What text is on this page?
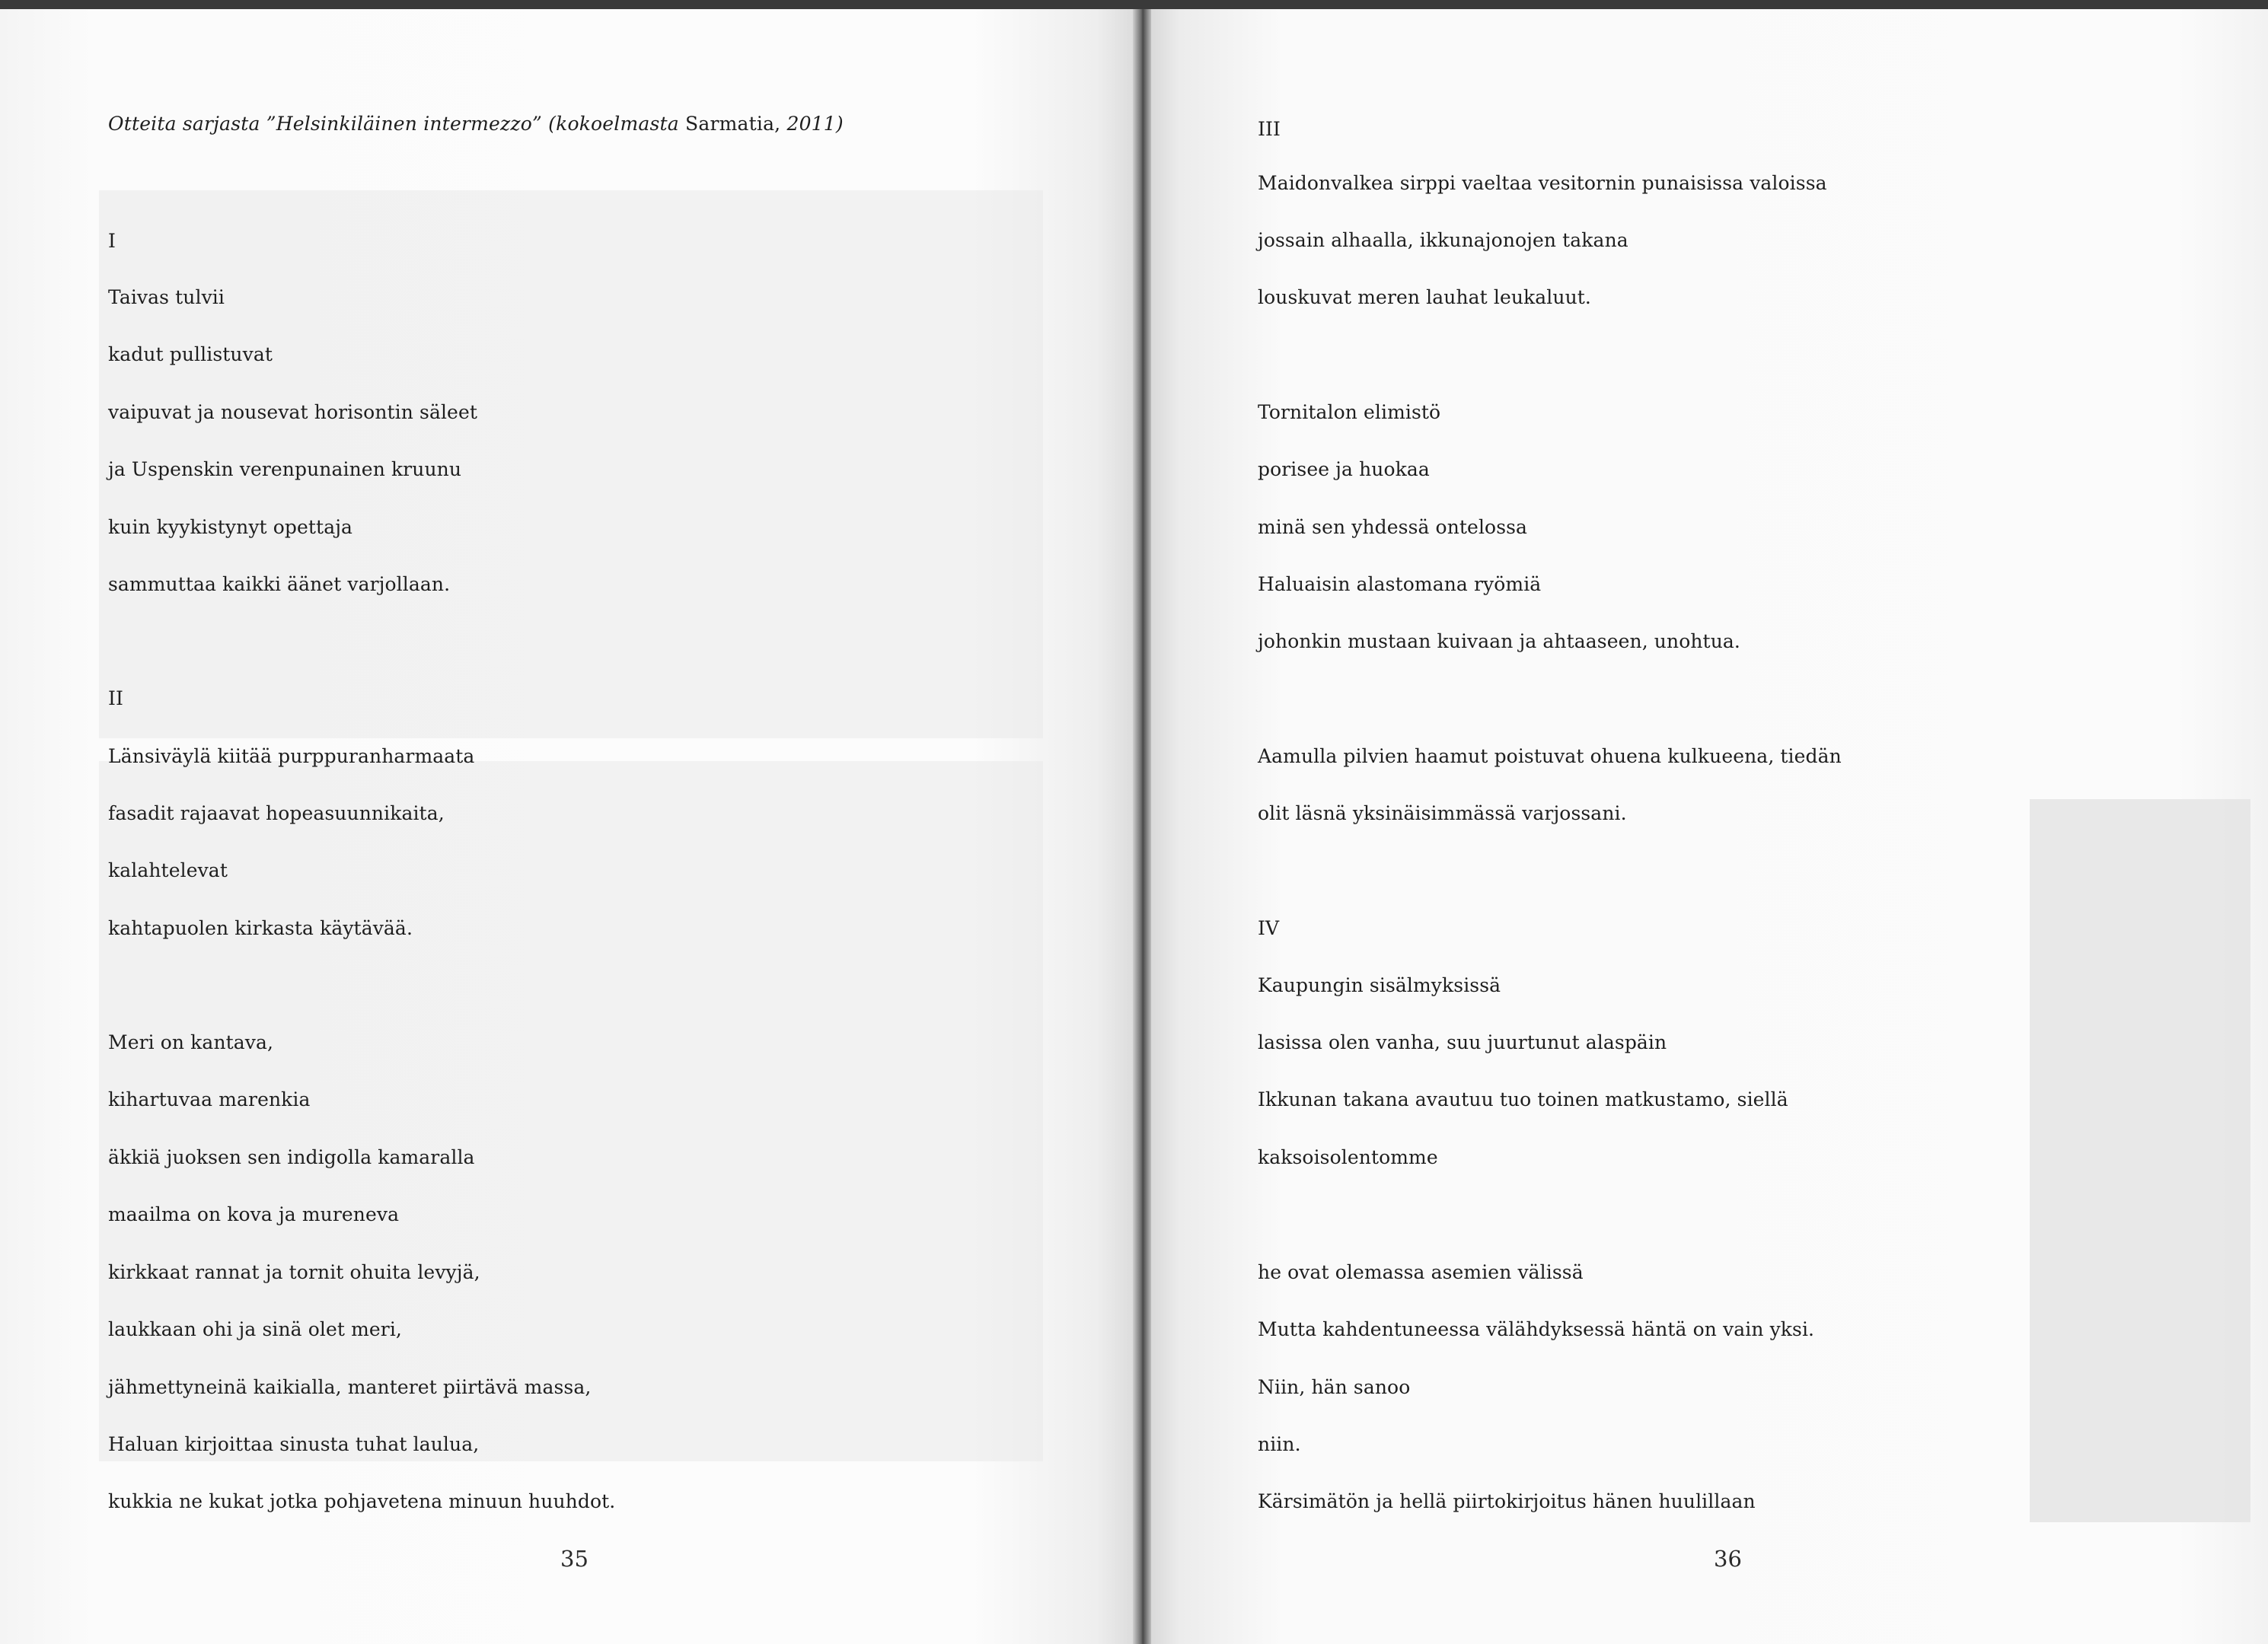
Otteita sarjasta ”Helsinkiläinen intermezzo” (kokoelmasta Sarmatia, 2011)
I
Taivas tulvii
kadut pullistuvat
vaipuvat ja nousevat horisontin säleet
ja Uspenskin verenpunainen kruunu
kuin kyykistynyt opettaja
sammuttaa kaikki äänet varjollaan.
II
Länsiväylä kiitää purppuranharmaata
fasadit rajaavat hopeasuunnikaita,
kalahtelevat
kahtapuolen kirkasta käytävää.
Meri on kantava,
kihartuvaa marenkia
äkkiä juoksen sen indigolla kamaralla
maailma on kova ja mureneva
kirkkaat rannat ja tornit ohuita levyjä,
laukkaan ohi ja sinä olet meri,
jähmettyneinä kaikialla, manteret piirtävä massa,
Haluan kirjoittaa sinusta tuhat laulua,
kukkia ne kukat jotka pohjavetena minuun huuhdot.
35
III
Maidonvalkea sirppi vaeltaa vesitornin punaisissa valoissa
jossain alhaalla, ikkunajonojen takana
louskuvat meren lauhat leukaluut.
Tornitalon elimistö
porisee ja huokaa
minä sen yhdessä ontelossa
Haluaisin alastomana ryömiä
johonkin mustaan kuivaan ja ahtaaseen, unohtua.
Aamulla pilvien haamut poistuvat ohuena kulkueena, tiedän
olit läsnä yksinäisimmässä varjossani.
IV
Kaupungin sisälmyksissä
lasissa olen vanha, suu juurtunut alaspäin
Ikkunan takana avautuu tuo toinen matkustamo, siellä
kaksoisolentomme
he ovat olemassa asemien välissä
Mutta kahdentuneessa välähdyksessä häntä on vain yksi.
Niin, hän sanoo
niin.
Kärsimätön ja hellä piirtokirjoitus hänen huulillaan
36
